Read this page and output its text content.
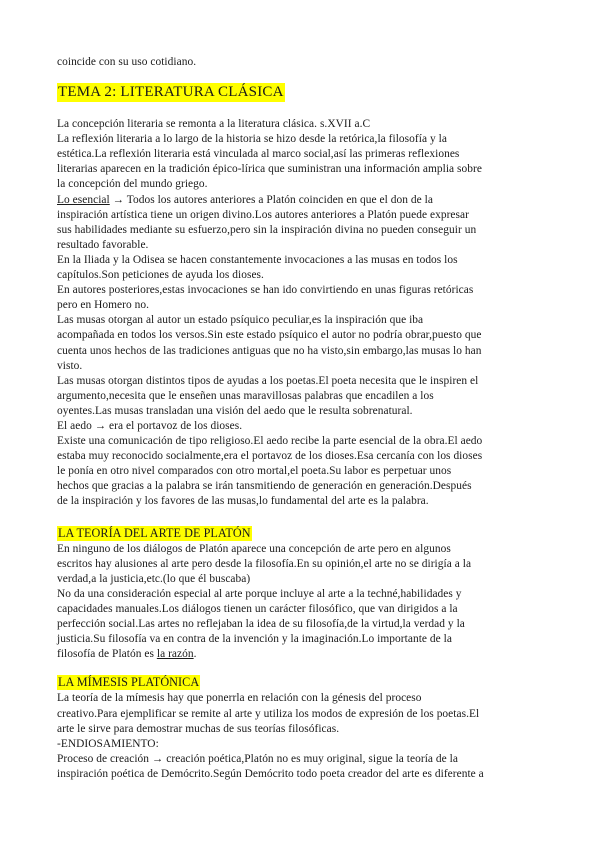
coincide con su uso cotidiano.
TEMA 2: LITERATURA CLÁSICA
La concepción literaria se remonta a la literatura clásica. s.XVII a.C
La reflexión literaria a lo largo de la historia se hizo desde la retórica,la filosofía y la
estética.La reflexión literaria está vinculada al marco social,así las primeras reflexiones
literarias aparecen en la tradición épico-lírica que suministran una información amplia sobre
la concepción del mundo griego.
Lo esencial → Todos los autores anteriores a Platón coinciden en que el don de la
inspiración artística tiene un origen divino.Los autores anteriores a Platón puede expresar
sus habilidades mediante su esfuerzo,pero sin la inspiración divina no pueden conseguir un
resultado favorable.
En la Iliada y la Odisea se hacen constantemente invocaciones a las musas en todos los
capítulos.Son peticiones de ayuda los dioses.
En autores posteriores,estas invocaciones se han ido convirtiendo en unas figuras retóricas
pero en Homero no.
Las musas otorgan al autor un estado psíquico peculiar,es la inspiración que iba
acompañada en todos los versos.Sin este estado psíquico el autor no podría obrar,puesto que
cuenta unos hechos de las tradiciones antiguas que no ha visto,sin embargo,las musas lo han
visto.
Las musas otorgan distintos tipos de ayudas a los poetas.El poeta necesita que le inspiren el
argumento,necesita que le enseñen unas maravillosas palabras que encadilen a los
oyentes.Las musas transladan una visión del aedo que le resulta sobrenatural.
El aedo → era el portavoz de los dioses.
Existe una comunicación de tipo religioso.El aedo recibe la parte esencial de la obra.El aedo
estaba muy reconocido socialmente,era el portavoz de los dioses.Esa cercanía con los dioses
le ponía en otro nivel comparados con otro mortal,el poeta.Su labor es perpetuar unos
hechos que gracias a la palabra se irán tansmitiendo de generación en generación.Después
de la inspiración y los favores de las musas,lo fundamental del arte es la palabra.
LA TEORÍA DEL ARTE DE PLATÓN
En ninguno de los diálogos de Platón aparece una concepción de arte pero en algunos
escritos hay alusiones al arte pero desde la filosofía.En su opinión,el arte no se dirigía a la
verdad,a la justicia,etc.(lo que él buscaba)
No da una consideración especial al arte porque incluye al arte a la techné,habilidades y
capacidades manuales.Los diálogos tienen un carácter filosófico, que van dirigidos a la
perfección social.Las artes no reflejaban la idea de su filosofía,de la virtud,la verdad y la
justicia.Su filosofía va en contra de la invención y la imaginación.Lo importante de la
filosofía de Platón es la razón.
LA MÍMESIS PLATÓNICA
La teoría de la mímesis hay que ponerrla en relación con la génesis del proceso
creativo.Para ejemplificar se remite al arte y utiliza los modos de expresión de los poetas.El
arte le sirve para demostrar muchas de sus teorías filosóficas.
-ENDIOSAMIENTO:
Proceso de creación → creación poética,Platón no es muy original, sigue la teoría de la
inspiración poética de Demócrito.Según Demócrito todo poeta creador del arte es diferente a
